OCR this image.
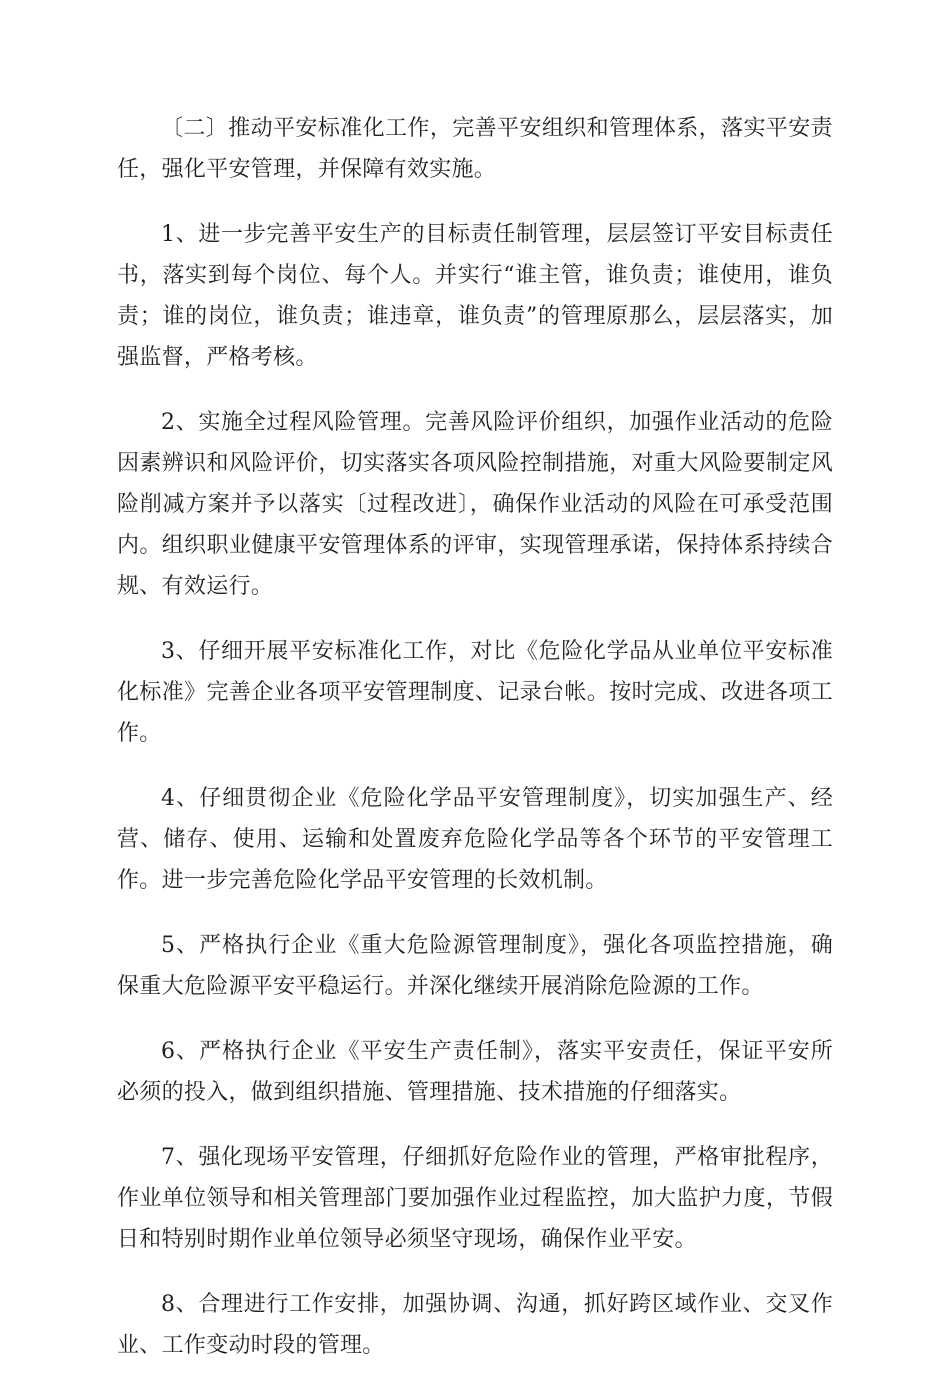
〔二〕推动平安标准化工作，完善平安组织和管理体系，落实平安责任，强化平安管理，并保障有效实施。

1、进一步完善平安生产的目标责任制管理，层层签订平安目标责任书，落实到每个岗位、每个人。并实行“谁主管，谁负责；谁使用，谁负责；谁的岗位，谁负责；谁违章，谁负责”的管理原那么，层层落实，加强监督，严格考核。

2、实施全过程风险管理。完善风险评价组织，加强作业活动的危险因素辨识和风险评价，切实落实各项风险控制措施，对重大风险要制定风险削减方案并予以落实〔过程改进〕，确保作业活动的风险在可承受范围内。组织职业健康平安管理体系的评审，实现管理承诺，保持体系持续合规、有效运行。

3、仔细开展平安标准化工作，对比《危险化学品从业单位平安标准化标准》完善企业各项平安管理制度、记录台帐。按时完成、改进各项工作。

4、仔细贯彻企业《危险化学品平安管理制度》，切实加强生产、经营、储存、使用、运输和处置废弃危险化学品等各个环节的平安管理工作。进一步完善危险化学品平安管理的长效机制。

5、严格执行企业《重大危险源管理制度》，强化各项监控措施，确保重大危险源平安平稳运行。并深化继续开展消除危险源的工作。

6、严格执行企业《平安生产责任制》，落实平安责任，保证平安所必须的投入，做到组织措施、管理措施、技术措施的仔细落实。

7、强化现场平安管理，仔细抓好危险作业的管理，严格审批程序，作业单位领导和相关管理部门要加强作业过程监控，加大监护力度，节假日和特别时期作业单位领导必须坚守现场，确保作业平安。

8、合理进行工作安排，加强协调、沟通，抓好跨区域作业、交叉作业、工作变动时段的管理。
